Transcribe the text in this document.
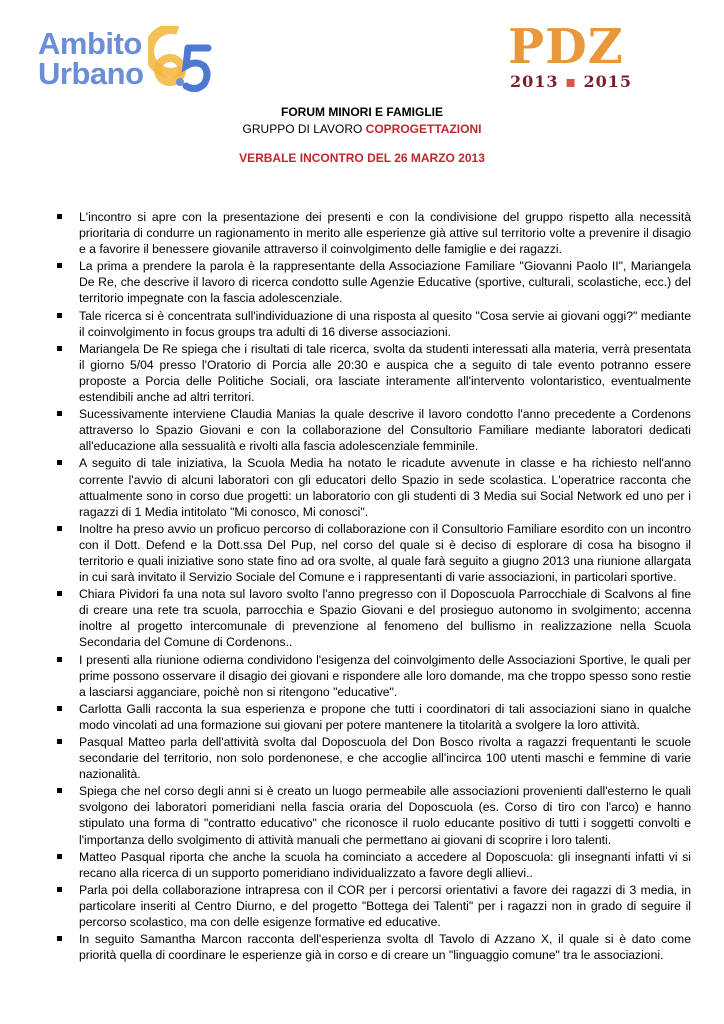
Ambito
Urbano	PDZ
2013 ▪ 2015
FORUM MINORI E FAMIGLIE
GRUPPO DI LAVORO COPROGETTAZIONI
VERBALE INCONTRO DEL 26 MARZO 2013
L'incontro si apre con la presentazione dei presenti e con la condivisione del gruppo rispetto alla necessità prioritaria di condurre un ragionamento in merito alle esperienze già attive sul territorio volte a prevenire il disagio e a favorire il benessere giovanile attraverso il coinvolgimento delle famiglie e dei ragazzi.
La prima a prendere la parola è la rappresentante della Associazione Familiare "Giovanni Paolo II", Mariangela De Re, che descrive il lavoro di ricerca condotto sulle Agenzie Educative (sportive, culturali, scolastiche, ecc.) del territorio impegnate con la fascia adolescenziale.
Tale ricerca si è concentrata sull'individuazione di una risposta al quesito "Cosa servie ai giovani oggi?" mediante il coinvolgimento in focus groups tra adulti di 16 diverse associazioni.
Mariangela De Re spiega che i risultati di tale ricerca, svolta da studenti interessati alla materia, verrà presentata il giorno 5/04 presso l'Oratorio di Porcia alle 20:30 e auspica che a seguito di tale evento potranno essere proposte a Porcia delle Politiche Sociali, ora lasciate interamente all'intervento volontaristico, eventualmente estendibili anche ad altri territori.
Sucessivamente interviene Claudia Manias la quale descrive il lavoro condotto l'anno precedente a Cordenons attraverso lo Spazio Giovani e con la collaborazione del Consultorio Familiare mediante laboratori dedicati all'educazione alla sessualità e rivolti alla fascia adolescenziale femminile.
A seguito di tale iniziativa, la Scuola Media ha notato le ricadute avvenute in classe e ha richiesto nell'anno corrente l'avvio di alcuni laboratori con gli educatori dello Spazio in sede scolastica. L'operatrice racconta che attualmente sono in corso due progetti: un laboratorio con gli studenti di 3 Media sui Social Network ed uno per i ragazzi di 1 Media intitolato "Mi conosco, Mi conosci".
Inoltre ha preso avvio un proficuo percorso di collaborazione con il Consultorio Familiare esordito con un incontro con il Dott. Defend e la Dott.ssa Del Pup, nel corso del quale si è deciso di esplorare di cosa ha bisogno il territorio e quali iniziative sono state fino ad ora svolte, al quale farà seguito a giugno 2013 una riunione allargata in cui sarà invitato il Servizio Sociale del Comune e i rappresentanti di varie associazioni, in particolari sportive.
Chiara Pividori fa una nota sul lavoro svolto l'anno pregresso con il Doposcuola Parrocchiale di Scalvons al fine di creare una rete tra scuola, parrocchia e Spazio Giovani e del prosieguo autonomo in svolgimento; accenna inoltre al progetto intercomunale di prevenzione al fenomeno del bullismo in realizzazione nella Scuola Secondaria del Comune di Cordenons..
I presenti alla riunione odierna condividono l'esigenza del coinvolgimento delle Associazioni Sportive, le quali per prime possono osservare il disagio dei giovani e rispondere alle loro domande, ma che troppo spesso sono restie a lasciarsi agganciare, poichè non si ritengono "educative".
Carlotta Galli racconta la sua esperienza e propone che tutti i coordinatori di tali associazioni siano in qualche modo vincolati ad una formazione sui giovani per potere mantenere la titolarità a svolgere la loro attività.
Pasqual Matteo parla dell'attività svolta dal Doposcuola del Don Bosco rivolta a ragazzi frequentanti le scuole secondarie del territorio, non solo pordenonese, e che accoglie all'incirca 100 utenti maschi e femmine di varie nazionalità.
Spiega che nel corso degli anni si è creato un luogo permeabile alle associazioni provenienti dall'esterno le quali svolgono dei laboratori pomeridiani nella fascia oraria del Doposcuola (es. Corso di tiro con l'arco) e hanno stipulato una forma di "contratto educativo" che riconosce il ruolo educante positivo di tutti i soggetti convolti e l'importanza dello svolgimento di attività manuali che permettano ai giovani di scoprire i loro talenti.
Matteo Pasqual riporta che anche la scuola ha cominciato a accedere al Doposcuola: gli insegnanti infatti vi si recano alla ricerca di un supporto pomeridiano individualizzato a favore degli allievi..
Parla poi della collaborazione intrapresa con il COR per i percorsi orientativi a favore dei ragazzi di 3 media, in particolare inseriti al Centro Diurno, e del progetto "Bottega dei Talenti" per i ragazzi non in grado di seguire il percorso scolastico, ma con delle esigenze formative ed educative.
In seguito Samantha Marcon racconta dell'esperienza svolta dl Tavolo di Azzano X, il quale si è dato come priorità quella di coordinare le esperienze già in corso e di creare un "linguaggio comune" tra le associazioni.
